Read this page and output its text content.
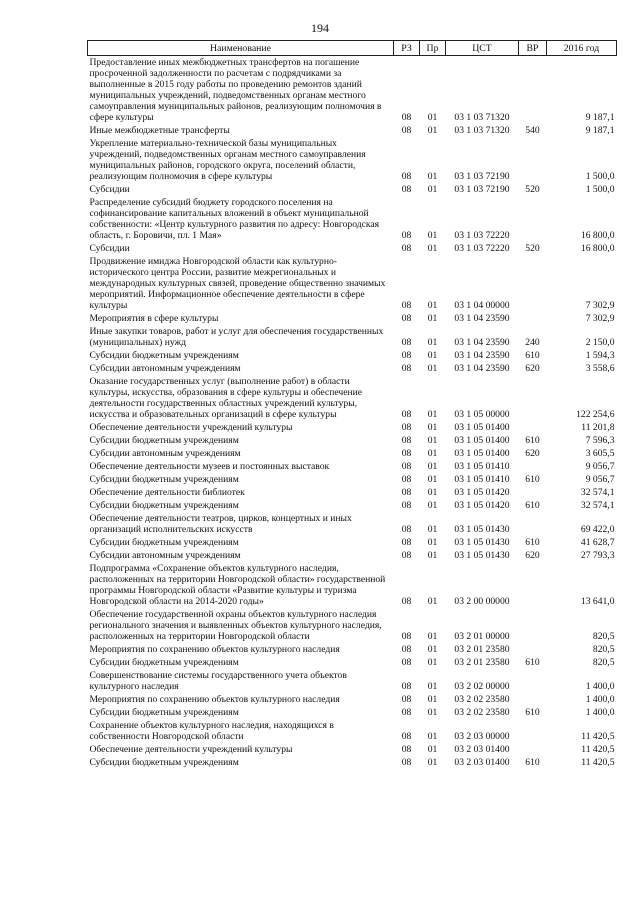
194
Наименование	РЗ	Пр	ЦСТ	ВР	2016 год
Предоставление иных межбюджетных трансфертов на погашение просроченной задолженности по расчетам с подрядчиками за выполненные в 2015 году работы по проведению ремонтов зданий муниципальных учреждений, подведомственных органам местного самоуправления муниципальных районов, реализующим полномочия в сфере культуры	08	01	03 1 03 71320		9 187,1
Иные межбюджетные трансферты	08	01	03 1 03 71320	540	9 187,1
Укрепление материально-технической базы муниципальных учреждений, подведомственных органам местного самоуправления муниципальных районов, городского округа, поселений области, реализующим полномочия в сфере культуры	08	01	03 1 03 72190		1 500,0
Субсидии	08	01	03 1 03 72190	520	1 500,0
Распределение субсидий бюджету городского поселения на софинансирование капитальных вложений в объект муниципальной собственности: «Центр культурного развития по адресу: Новгородская область, г. Боровичи, пл. 1 Мая»	08	01	03 1 03 72220		16 800,0
Субсидии	08	01	03 1 03 72220	520	16 800,0
Продвижение имиджа Новгородской области как культурно-исторического центра России, развитие межрегиональных и международных культурных связей, проведение общественно значимых мероприятий. Информационное обеспечение деятельности в сфере культуры	08	01	03 1 04 00000		7 302,9
Мероприятия в сфере культуры	08	01	03 1 04 23590		7 302,9
Иные закупки товаров, работ и услуг для обеспечения государственных (муниципальных) нужд	08	01	03 1 04 23590	240	2 150,0
Субсидии бюджетным учреждениям	08	01	03 1 04 23590	610	1 594,3
Субсидии автономным учреждениям	08	01	03 1 04 23590	620	3 558,6
Оказание государственных услуг (выполнение работ) в области культуры, искусства, образования в сфере культуры и обеспечение деятельности государственных областных учреждений культуры, искусства и образовательных организаций в сфере культуры	08	01	03 1 05 00000		122 254,6
Обеспечение деятельности учреждений культуры	08	01	03 1 05 01400		11 201,8
Субсидии бюджетным учреждениям	08	01	03 1 05 01400	610	7 596,3
Субсидии автономным учреждениям	08	01	03 1 05 01400	620	3 605,5
Обеспечение деятельности музеев и постоянных выставок	08	01	03 1 05 01410		9 056,7
Субсидии бюджетным учреждениям	08	01	03 1 05 01410	610	9 056,7
Обеспечение деятельности библиотек	08	01	03 1 05 01420		32 574,1
Субсидии бюджетным учреждениям	08	01	03 1 05 01420	610	32 574,1
Обеспечение деятельности театров, цирков, концертных и иных организаций исполнительских искусств	08	01	03 1 05 01430		69 422,0
Субсидии бюджетным учреждениям	08	01	03 1 05 01430	610	41 628,7
Субсидии автономным учреждениям	08	01	03 1 05 01430	620	27 793,3
Подпрограмма «Сохранение объектов культурного наследия, расположенных на территории Новгородской области» государственной программы Новгородской области «Развитие культуры и туризма Новгородской области на 2014-2020 годы»	08	01	03 2 00 00000		13 641,0
Обеспечение государственной охраны объектов культурного наследия регионального значения и выявленных объектов культурного наследия, расположенных на территории Новгородской области	08	01	03 2 01 00000		820,5
Мероприятия по сохранению объектов культурного наследия	08	01	03 2 01 23580		820,5
Субсидии бюджетным учреждениям	08	01	03 2 01 23580	610	820,5
Совершенствование системы государственного учета объектов культурного наследия	08	01	03 2 02 00000		1 400,0
Мероприятия по сохранению объектов культурного наследия	08	01	03 2 02 23580		1 400,0
Субсидии бюджетным учреждениям	08	01	03 2 02 23580	610	1 400,0
Сохранение объектов культурного наследия, находящихся в собственности Новгородской области	08	01	03 2 03 00000		11 420,5
Обеспечение деятельности учреждений культуры	08	01	03 2 03 01400		11 420,5
Субсидии бюджетным учреждениям	08	01	03 2 03 01400	610	11 420,5
